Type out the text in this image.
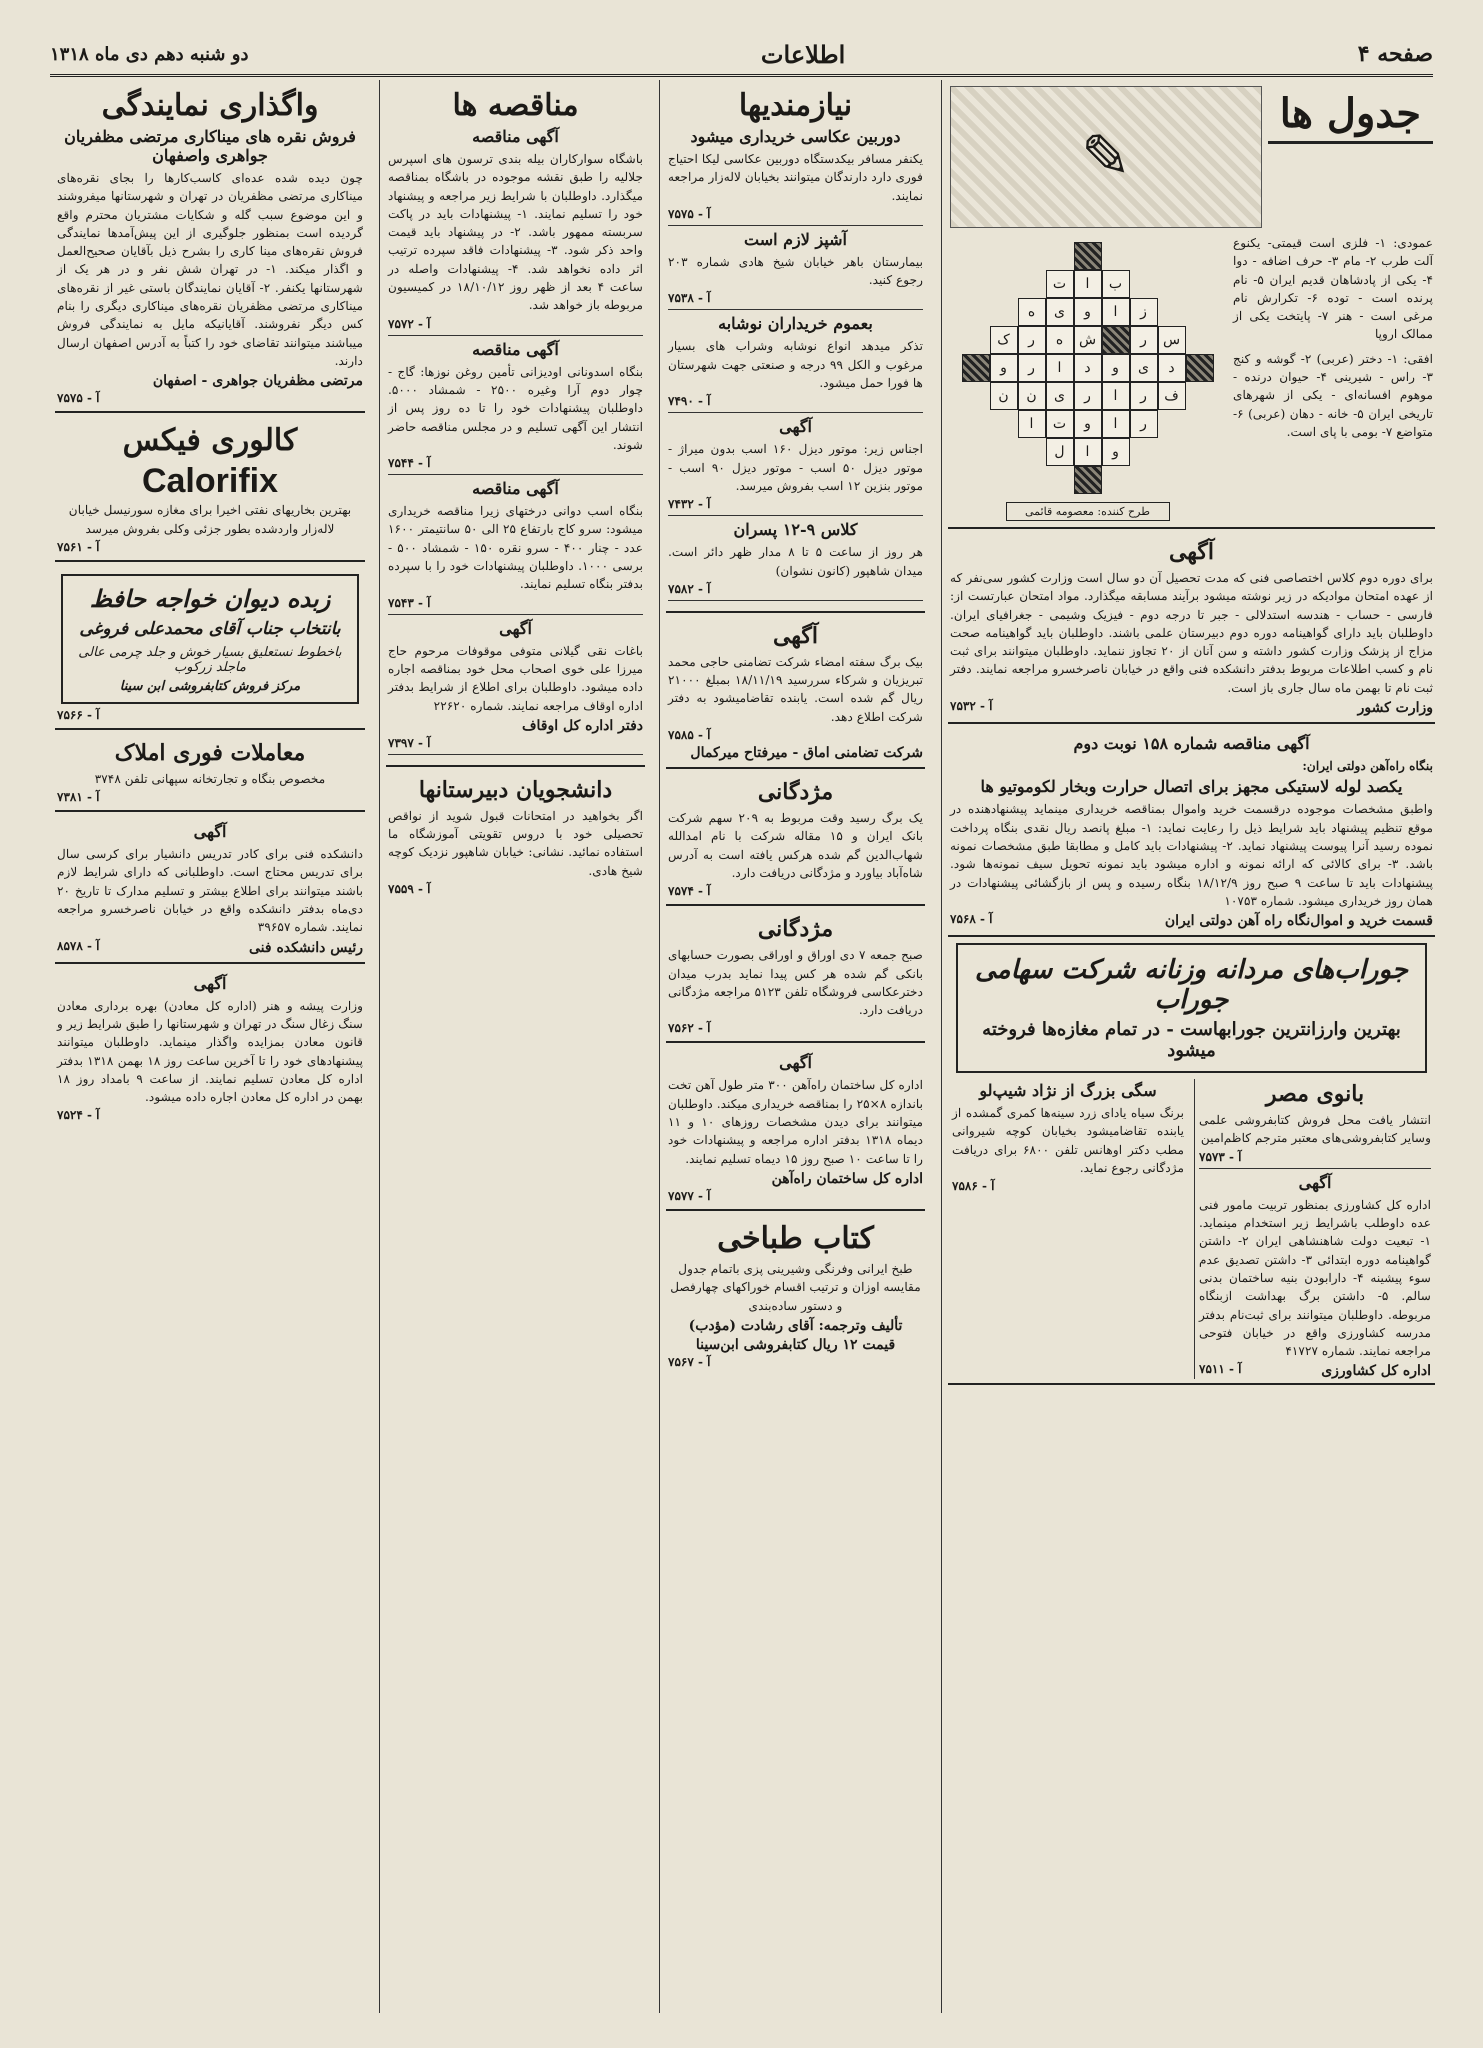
صفحه ۴
اطلاعات
دو شنبه دهم دی ماه ۱۳۱۸
جدول ها
✎
عمودی: ۱- فلزی است قیمتی- یکنوع آلت طرب ۲- مام ۳- حرف اضافه - دوا ۴- یکی از پادشاهان قدیم ایران ۵- نام پرنده است - توده ۶- تکرارش نام مرغی است - هنر ۷- پایتخت یکی از ممالک اروپا
افقی: ۱- دختر (عربی) ۲- گوشه و کنج ۳- راس - شیرینی ۴- حیوان درنده - موهوم افسانه‌ای - یکی از شهرهای تاریخی ایران ۵- خانه - دهان (عربی) ۶- متواضع ۷- بومی با پای است.
ب
ا
ت
ز
ا
و
ی
ه
س
ر
ش
ه
ر
ک
د
ی
و
د
ا
ر
و
ف
ر
ا
ر
ی
ن
ن
ر
ا
و
ت
ا
و
ا
ل
طرح کننده: معصومه قائمی
آگهی
برای دوره دوم کلاس اختصاصی فنی که مدت تحصیل آن دو سال است وزارت کشور سی‌نفر که از عهده امتحان موادیکه در زیر نوشته میشود برآیند مسابقه میگذارد. مواد امتحان عبارتست از: فارسی - حساب - هندسه استدلالی - جبر تا درجه دوم - فیزیک وشیمی - جغرافیای ایران. داوطلبان باید دارای گواهینامه دوره دوم دبیرستان علمی باشند. داوطلبان باید گواهینامه صحت مزاج از پزشک وزارت کشور داشته و سن آنان از ۲۰ تجاوز ننماید. داوطلبان میتوانند برای ثبت نام و کسب اطلاعات مربوط بدفتر دانشکده فنی واقع در خیابان ناصرخسرو مراجعه نمایند. دفتر ثبت نام تا بهمن ماه سال جاری باز است.
وزارت کشور
آ - ۷۵۳۲
آگهی مناقصه شماره ۱۵۸ نوبت دوم
بنگاه راه‌آهن دولتی ایران:
یکصد لوله لاستیکی مجهز برای اتصال حرارت وبخار لکوموتیو ها
واطبق مشخصات موجوده درقسمت خرید واموال بمناقصه خریداری مینماید پیشنهادهنده در موقع تنظیم پیشنهاد باید شرایط ذیل را رعایت نماید: ۱- مبلغ پانصد ریال نقدی بنگاه پرداخت نموده رسید آنرا پیوست پیشنهاد نماید. ۲- پیشنهادات باید کامل و مطابقا طبق مشخصات نمونه باشد. ۳- برای کالائی که ارائه نمونه و اداره میشود باید نمونه تحویل سیف نمونه‌ها شود. پیشنهادات باید تا ساعت ۹ صبح روز ۱۸/۱۲/۹ بنگاه رسیده و پس از بازگشائی پیشنهادات در همان روز خریداری میشود. شماره ۱۰۷۵۳
قسمت خرید و اموال‌نگاه راه آهن دولتی ایران
آ - ۷۵۶۸
جوراب‌های مردانه وزنانه شرکت سهامی جوراب
بهترین وارزانترین جورابهاست - در تمام مغازه‌ها فروخته میشود
بانوی مصر
انتشار یافت محل فروش کتابفروشی علمی وسایر کتابفروشی‌های معتبر مترجم کاظم‌امین
آ - ۷۵۷۳
آگهی
اداره کل کشاورزی بمنظور تربیت مامور فنی عده داوطلب باشرایط زیر استخدام مینماید. ۱- تبعیت دولت شاهنشاهی ایران ۲- داشتن گواهینامه دوره ابتدائی ۳- داشتن تصدیق عدم سوء پیشینه ۴- دارابودن بنیه ساختمان بدنی سالم. ۵- داشتن برگ بهداشت ازبنگاه مربوطه. داوطلبان میتوانند برای ثبت‌نام بدفتر مدرسه کشاورزی واقع در خیابان فتوحی مراجعه نمایند. شماره ۴۱۷۲۷
اداره کل کشاورزی
آ - ۷۵۱۱
سگی بزرگ از نژاد شیپ‌لو
برنگ سیاه یادای زرد سینه‌ها کمری گمشده از یابنده تقاضامیشود بخیابان کوچه شیروانی مطب دکتر اوهانس تلفن ۶۸۰۰ برای دریافت مژدگانی رجوع نماید.
آ - ۷۵۸۶
نیازمندیها
دوربین عکاسی خریداری میشود
یکنفر مسافر بیکدستگاه دوربین عکاسی لیکا احتیاج فوری دارد دارندگان میتوانند بخیابان لاله‌زار مراجعه نمایند.
آ - ۷۵۷۵
آشپز لازم است
بیمارستان باهر خیابان شیخ هادی شماره ۲۰۳ رجوع کنید.
آ - ۷۵۳۸
بعموم خریداران نوشابه
تذکر میدهد انواع نوشابه وشراب های بسیار مرغوب و الکل ۹۹ درجه و صنعتی جهت شهرستان ها فورا حمل میشود.
آ - ۷۴۹۰
آگهی
اجناس زیر: موتور دیزل ۱۶۰ اسب بدون میراژ - موتور دیزل ۵۰ اسب - موتور دیزل ۹۰ اسب - موتور بنزین ۱۲ اسب بفروش میرسد.
آ - ۷۴۳۲
کلاس ۹-۱۲ پسران
هر روز از ساعت ۵ تا ۸ مدار ظهر دائر است. میدان شاهپور (کانون نشوان)
آ - ۷۵۸۲
آگهی
بیک برگ سفته امضاء شرکت تضامنی حاجی محمد تبریزیان و شرکاء سررسید ۱۸/۱۱/۱۹ بمبلغ ۲۱۰۰۰ ریال گم شده است. یابنده تقاضامیشود به دفتر شرکت اطلاع دهد.
آ - ۷۵۸۵
شرکت تضامنی اماق - میرفتاح میرکمال
مژدگانی
یک برگ رسید وقت مربوط به ۲۰۹ سهم شرکت بانک ایران و ۱۵ مقاله شرکت با نام امدالله شهاب‌الدین گم شده هرکس یافته است به آدرس شاه‌آباد بیاورد و مژدگانی دریافت دارد.
آ - ۷۵۷۴
مژدگانی
صبح جمعه ۷ دی اوراق و اوراقی بصورت حسابهای بانکی گم شده هر کس پیدا نماید بدرب میدان دخترعکاسی فروشگاه تلفن ۵۱۲۳ مراجعه مژدگانی دریافت دارد.
آ - ۷۵۶۲
آگهی
اداره کل ساختمان راه‌آهن ۳۰۰ متر طول آهن تخت باندازه ۸×۲۵ را بمناقصه خریداری میکند. داوطلبان میتوانند برای دیدن مشخصات روزهای ۱۰ و ۱۱ دیماه ۱۳۱۸ بدفتر اداره مراجعه و پیشنهادات خود را تا ساعت ۱۰ صبح روز ۱۵ دیماه تسلیم نمایند.
اداره کل ساختمان راه‌آهن
آ - ۷۵۷۷
کتاب طباخی
طبخ ایرانی وفرنگی وشیرینی پزی باتمام جدول مقایسه اوزان و ترتیب اقسام خوراکهای چهارفصل و دستور ساده‌بندی
تألیف وترجمه: آقای رشادت (مؤدب)
قیمت ۱۲ ریال کتابفروشی ابن‌سینا
آ - ۷۵۶۷
مناقصه ها
آگهی مناقصه
باشگاه سوارکاران بیله بندی ترسون های اسپرس جلالیه را طبق نقشه موجوده در باشگاه بمناقصه میگذارد. داوطلبان با شرایط زیر مراجعه و پیشنهاد خود را تسلیم نمایند. ۱- پیشنهادات باید در پاکت سربسته ممهور باشد. ۲- در پیشنهاد باید قیمت واحد ذکر شود. ۳- پیشنهادات فاقد سپرده ترتیب اثر داده نخواهد شد. ۴- پیشنهادات واصله در ساعت ۴ بعد از ظهر روز ۱۸/۱۰/۱۲ در کمیسیون مربوطه باز خواهد شد.
آ - ۷۵۷۲
آگهی مناقصه
بنگاه اسدونانی اودیزانی تأمین روغن نوزها: گاج - چوار دوم آرا وغیره ۲۵۰۰ - شمشاد ۵۰۰۰. داوطلبان پیشنهادات خود را تا ده روز پس از انتشار این آگهی تسلیم و در مجلس مناقصه حاضر شوند.
آ - ۷۵۴۴
آگهی مناقصه
بنگاه اسب دوانی درختهای زیرا مناقصه خریداری میشود: سرو کاج بارتفاع ۲۵ الی ۵۰ سانتیمتر ۱۶۰۰ عدد - چنار ۴۰۰ - سرو نقره ۱۵۰ - شمشاد ۵۰۰ - برسی ۱۰۰۰. داوطلبان پیشنهادات خود را با سپرده بدفتر بنگاه تسلیم نمایند.
آ - ۷۵۴۳
آگهی
باغات نقی گیلانی متوفی موقوفات مرحوم حاج میرزا علی خوی اصحاب محل خود بمناقصه اجاره داده میشود. داوطلبان برای اطلاع از شرایط بدفتر اداره اوقاف مراجعه نمایند. شماره ۲۲۶۲۰
دفتر اداره کل اوقاف
آ - ۷۳۹۷
دانشجویان دبیرستانها
اگر بخواهید در امتحانات قبول شوید از نواقص تحصیلی خود با دروس تقویتی آموزشگاه ما استفاده نمائید. نشانی: خیابان شاهپور نزدیک کوچه شیخ هادی.
آ - ۷۵۵۹
واگذاری نمایندگی
فروش نقره های میناکاری مرتضی مظفریان جواهری واصفهان
چون دیده شده عده‌ای کاسب‌کارها را بجای نقره‌های میناکاری مرتضی مظفریان در تهران و شهرستانها میفروشند و این موضوع سبب گله و شکایات مشتریان محترم واقع گردیده است بمنظور جلوگیری از این پیش‌آمدها نمایندگی فروش نقره‌های مینا کاری را بشرح ذیل بآقایان صحیح‌العمل و اگذار میکند. ۱- در تهران شش نفر و در هر یک از شهرستانها یکنفر. ۲- آقایان نمایندگان باستی غیر از نقره‌های میناکاری مرتضی مظفریان نقره‌های میناکاری دیگری را بنام کس دیگر نفروشند. آقایانیکه مایل به نمایندگی فروش میباشند میتوانند تقاضای خود را کتباً به آدرس اصفهان ارسال دارند.
مرتضی مظفریان جواهری - اصفهان
آ - ۷۵۷۵
کالوری فیکس
Calorifix
بهترین بخاریهای نفتی اخیرا برای مغازه سورنیسل خیابان لاله‌زار واردشده بطور جزئی وکلی بفروش میرسد
آ - ۷۵۶۱
زبده دیوان خواجه حافظ
بانتخاب جناب آقای محمدعلی فروغی
باخطوط نستعلیق بسیار خوش و جلد چرمی عالی
ماجلد زرکوب
مرکز فروش کتابفروشی ابن سینا
آ - ۷۵۶۶
معاملات فوری املاک
مخصوص بنگاه و تجارتخانه سپهانی تلفن ۳۷۴۸
آ - ۷۳۸۱
آگهی
دانشکده فنی برای کادر تدریس دانشیار برای کرسی سال برای تدریس محتاج است. داوطلبانی که دارای شرایط لازم باشند میتوانند برای اطلاع بیشتر و تسلیم مدارک تا تاریخ ۲۰ دی‌ماه بدفتر دانشکده واقع در خیابان ناصرخسرو مراجعه نمایند. شماره ۳۹۶۵۷
رئیس دانشکده فنی
آ - ۸۵۷۸
آگهی
وزارت پیشه و هنر (اداره کل معادن) بهره برداری معادن سنگ زغال سنگ در تهران و شهرستانها را طبق شرایط زیر و قانون معادن بمزایده واگذار مینماید. داوطلبان میتوانند پیشنهادهای خود را تا آخرین ساعت روز ۱۸ بهمن ۱۳۱۸ بدفتر اداره کل معادن تسلیم نمایند. از ساعت ۹ بامداد روز ۱۸ بهمن در اداره کل معادن اجاره داده میشود.
آ - ۷۵۲۴
